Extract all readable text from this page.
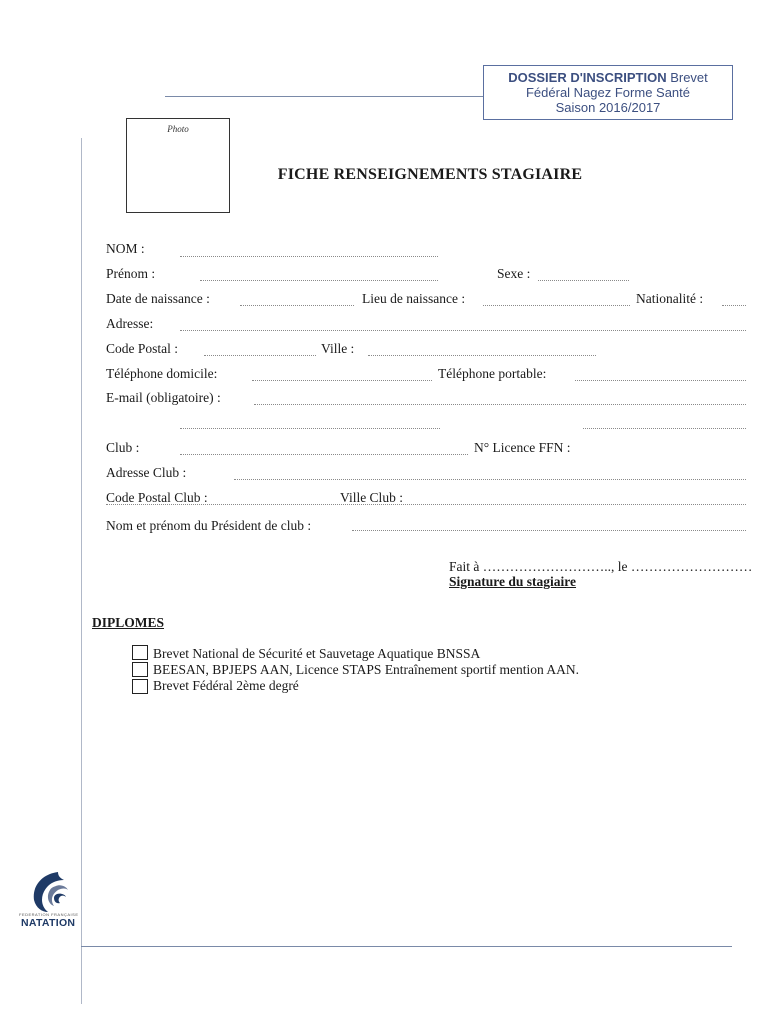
DOSSIER D'INSCRIPTION Brevet
Fédéral Nagez Forme Santé
Saison 2016/2017
Photo
FICHE RENSEIGNEMENTS STAGIAIRE
NOM :
Prénom :	Sexe :
Date de naissance :	Lieu de naissance :	Nationalité :
Adresse:
Code Postal :	Ville :
Téléphone domicile:	Téléphone portable:
E-mail (obligatoire) :
Club :	N° Licence FFN :
Adresse Club :
Code Postal Club :	Ville Club :
Nom et prénom du Président de club :
Fait à ……………………….., le ………………………
Signature du stagiaire
DIPLOMES
Brevet National de Sécurité et Sauvetage Aquatique BNSSA
BEESAN, BPJEPS AAN, Licence STAPS Entraînement sportif mention AAN.
Brevet Fédéral 2ème degré
FEDERATION FRANÇAISE
NATATION
